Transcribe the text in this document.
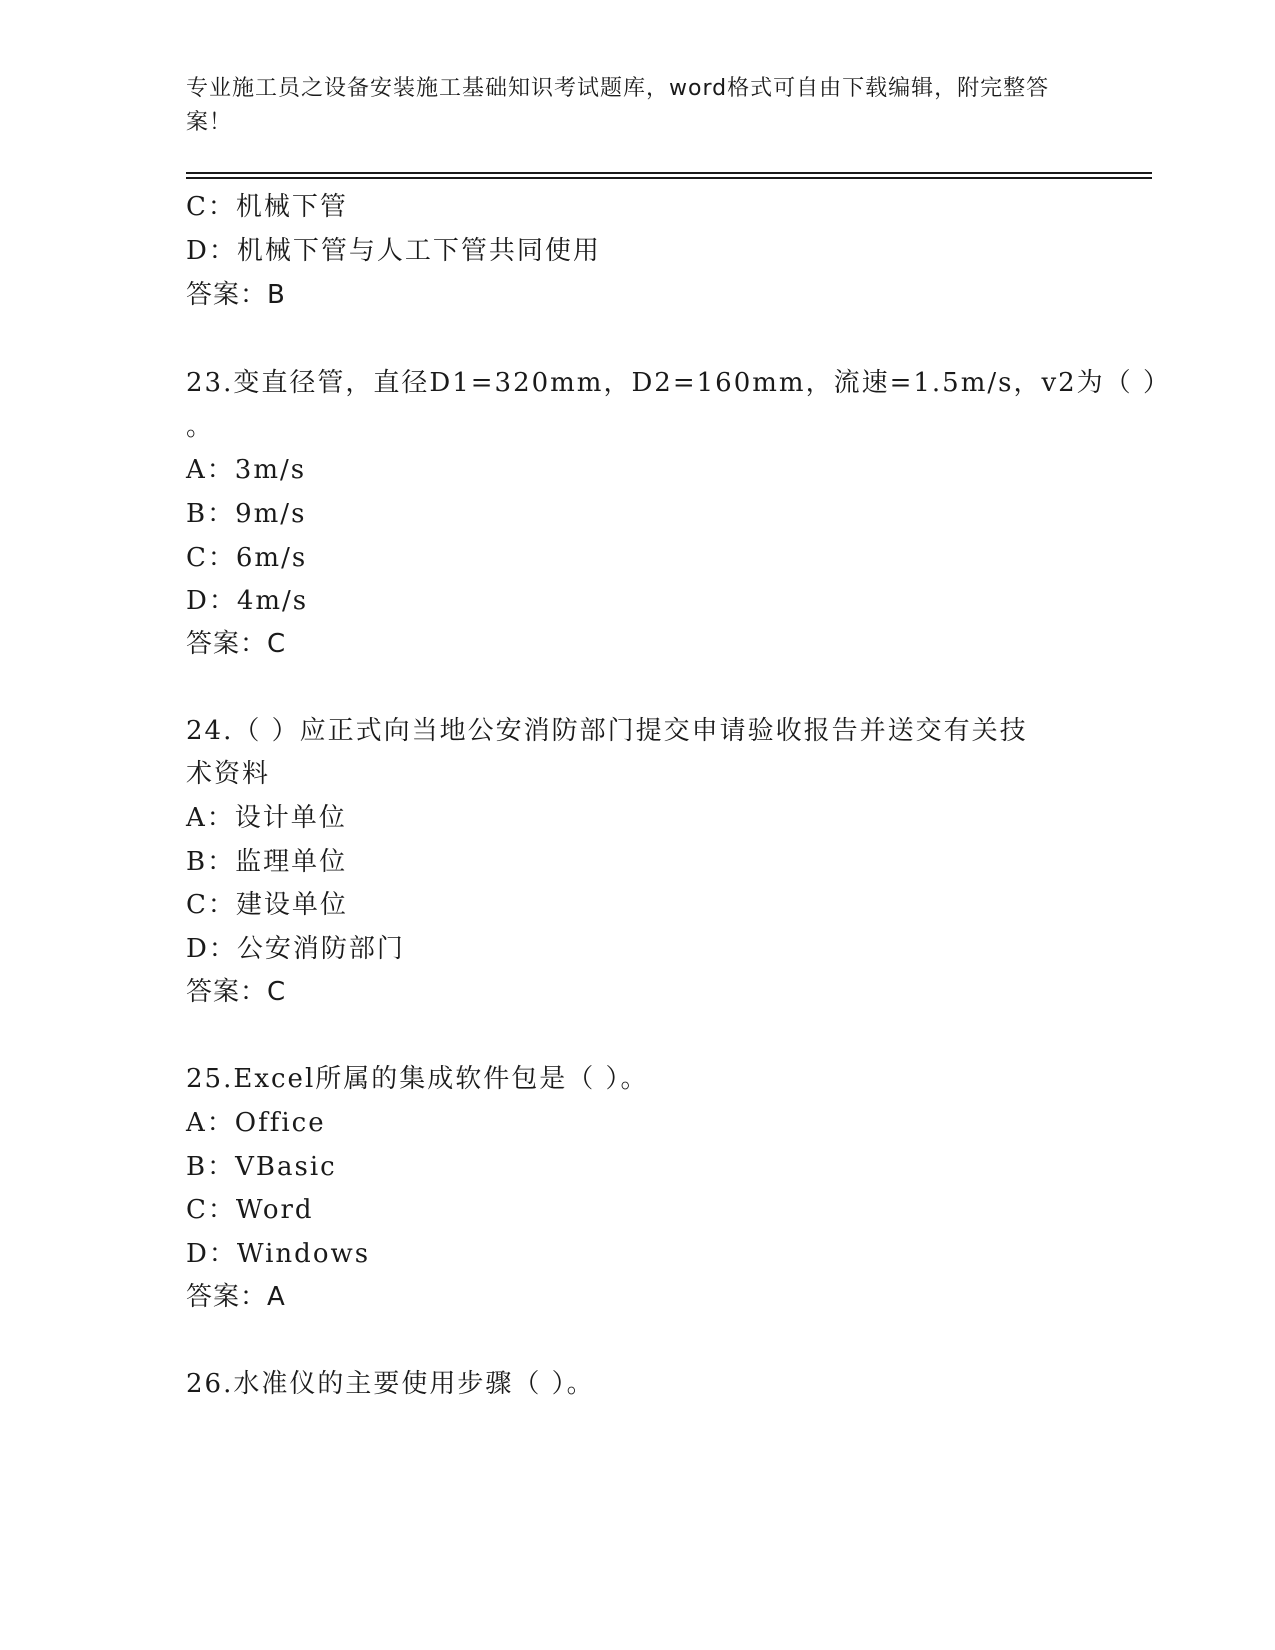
专业施工员之设备安装施工基础知识考试题库，word格式可自由下载编辑，附完整答案！
C：机械下管
D：机械下管与人工下管共同使用
答案：B
23.变直径管，直径D1=320mm，D2=160mm，流速=1.5m/s，v2为（ ）
。
A：3m/s
B：9m/s
C：6m/s
D：4m/s
答案：C
24.（ ）应正式向当地公安消防部门提交申请验收报告并送交有关技
术资料
A：设计单位
B：监理单位
C：建设单位
D：公安消防部门
答案：C
25.Excel所属的集成软件包是（ ）。
A：Office
B：VBasic
C：Word
D：Windows
答案：A
26.水准仪的主要使用步骤（ ）。
